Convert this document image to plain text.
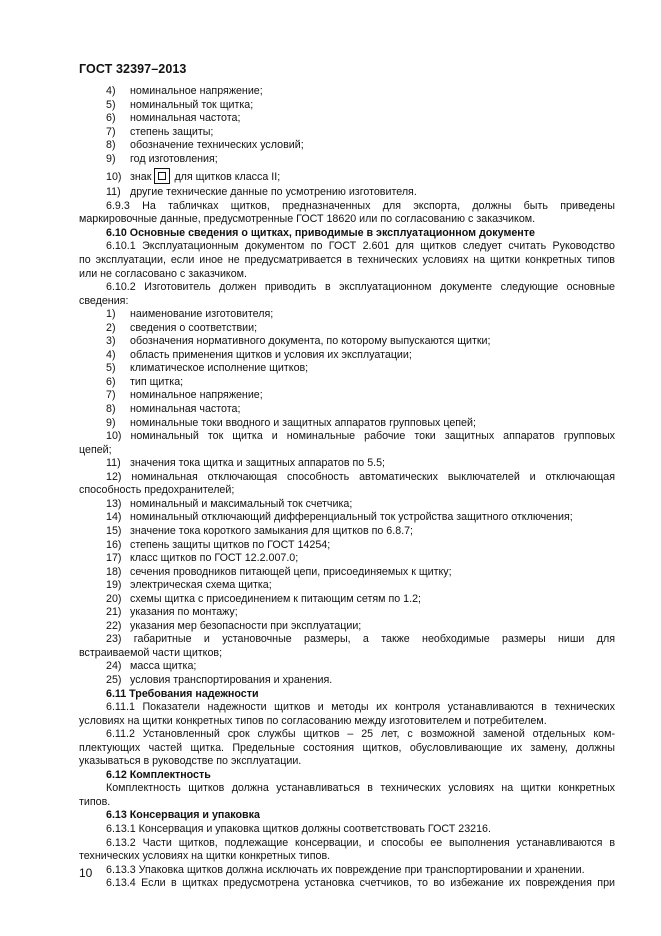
ГОСТ 32397–2013
4)	номинальное напряжение;
5)	номинальный ток щитка;
6)	номинальная частота;
7)	степень защиты;
8)	обозначение технических условий;
9)	год изготовления;
10) знак для щитков класса II;
11) другие технические данные по усмотрению изготовителя.
6.9.3 На табличках щитков, предназначенных для экспорта, должны быть приведены
маркировочные данные, предусмотренные ГОСТ 18620 или по согласованию с заказчиком.
6.10 Основные сведения о щитках, приводимые в эксплуатационном документе
6.10.1 Эксплуатационным документом по ГОСТ 2.601 для щитков следует считать Руководство
по эксплуатации, если иное не предусматривается в технических условиях на щитки конкретных типов
или не согласовано с заказчиком.
6.10.2 Изготовитель должен приводить в эксплуатационном документе следующие основные
сведения:
1)	наименование изготовителя;
2)	сведения о соответствии;
3)	обозначения нормативного документа, по которому выпускаются щитки;
4)	область применения щитков и условия их эксплуатации;
5)	климатическое исполнение щитков;
6)	тип щитка;
7)	номинальное напряжение;
8)	номинальная частота;
9)	номинальные токи вводного и защитных аппаратов групповых цепей;
10) номинальный ток щитка и номинальные рабочие токи защитных аппаратов групповых
цепей;
11) значения тока щитка и защитных аппаратов по 5.5;
12) номинальная отключающая способность автоматических выключателей и отключающая
способность предохранителей;
13) номинальный и максимальный ток счетчика;
14) номинальный отключающий дифференциальный ток устройства защитного отключения;
15) значение тока короткого замыкания для щитков по 6.8.7;
16) степень защиты щитков по ГОСТ 14254;
17) класс щитков по ГОСТ 12.2.007.0;
18) сечения проводников питающей цепи, присоединяемых к щитку;
19) электрическая схема щитка;
20) схемы щитка с присоединением к питающим сетям по 1.2;
21) указания по монтажу;
22) указания мер безопасности при эксплуатации;
23) габаритные и установочные размеры, а также необходимые размеры ниши для
встраиваемой части щитков;
24) масса щитка;
25) условия транспортирования и хранения.
6.11 Требования надежности
6.11.1 Показатели надежности щитков и методы их контроля устанавливаются в технических
условиях на щитки конкретных типов по согласованию между изготовителем и потребителем.
6.11.2 Установленный срок службы щитков – 25 лет, с возможной заменой отдельных ком-
плектующих частей щитка. Предельные состояния щитков, обусловливающие их замену, должны
указываться в руководстве по эксплуатации.
6.12 Комплектность
Комплектность щитков должна устанавливаться в технических условиях на щитки конкретных
типов.
6.13 Консервация и упаковка
6.13.1 Консервация и упаковка щитков должны соответствовать ГОСТ 23216.
6.13.2 Части щитков, подлежащие консервации, и способы ее выполнения устанавливаются в
технических условиях на щитки конкретных типов.
6.13.3 Упаковка щитков должна исключать их повреждение при транспортировании и хранении.
6.13.4 Если в щитках предусмотрена установка счетчиков, то во избежание их повреждения при
10
